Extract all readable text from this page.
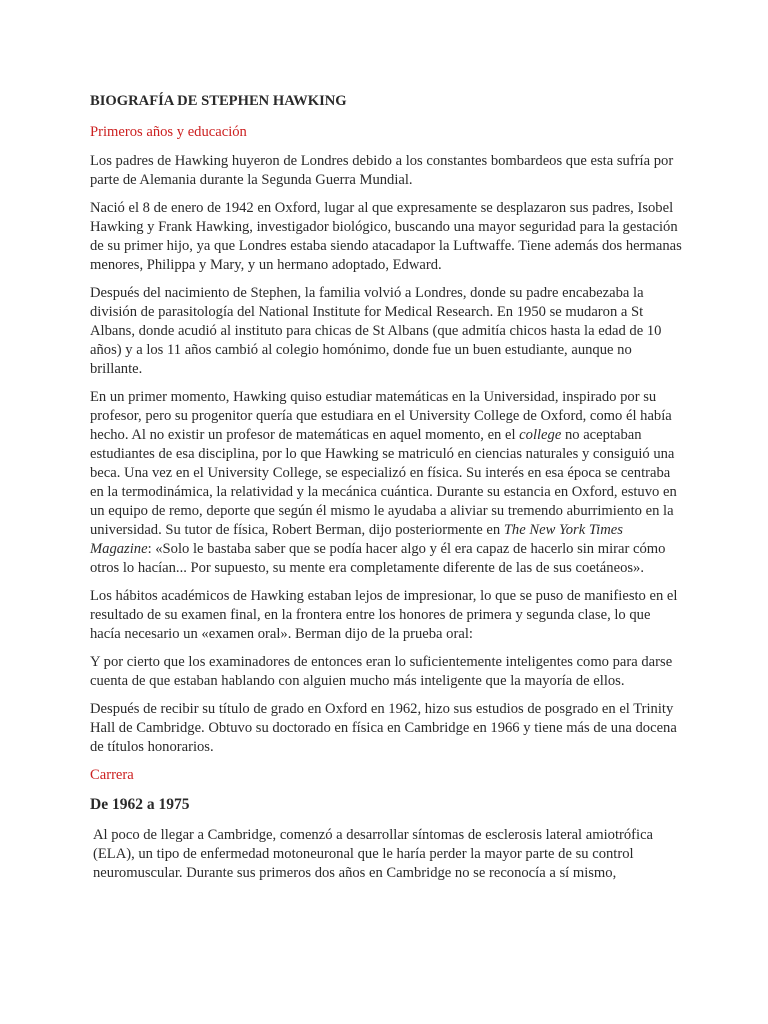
BIOGRAFÍA DE STEPHEN HAWKING
Primeros años y educación

Los padres de Hawking huyeron de Londres debido a los constantes bombardeos que esta sufría por parte de Alemania durante la Segunda Guerra Mundial.

Nació el 8 de enero de 1942 en Oxford, lugar al que expresamente se desplazaron sus padres, Isobel Hawking y Frank Hawking, investigador biológico, buscando una mayor seguridad para la gestación de su primer hijo, ya que Londres estaba siendo atacadapor la Luftwaffe. Tiene además dos hermanas menores, Philippa y Mary, y un hermano adoptado, Edward.

Después del nacimiento de Stephen, la familia volvió a Londres, donde su padre encabezaba la división de parasitología del National Institute for Medical Research. En 1950 se mudaron a St Albans, donde acudió al instituto para chicas de St Albans (que admitía chicos hasta la edad de 10 años) y a los 11 años cambió al colegio homónimo, donde fue un buen estudiante, aunque no brillante.

En un primer momento, Hawking quiso estudiar matemáticas en la Universidad, inspirado por su profesor, pero su progenitor quería que estudiara en el University College de Oxford, como él había hecho. Al no existir un profesor de matemáticas en aquel momento, en el college no aceptaban estudiantes de esa disciplina, por lo que Hawking se matriculó en ciencias naturales y consiguió una beca. Una vez en el University College, se especializó en física. Su interés en esa época se centraba en la termodinámica, la relatividad y la mecánica cuántica. Durante su estancia en Oxford, estuvo en un equipo de remo, deporte que según él mismo le ayudaba a aliviar su tremendo aburrimiento en la universidad. Su tutor de física, Robert Berman, dijo posteriormente en The New York Times Magazine: «Solo le bastaba saber que se podía hacer algo y él era capaz de hacerlo sin mirar cómo otros lo hacían... Por supuesto, su mente era completamente diferente de las de sus coetáneos».

Los hábitos académicos de Hawking estaban lejos de impresionar, lo que se puso de manifiesto en el resultado de su examen final, en la frontera entre los honores de primera y segunda clase, lo que hacía necesario un «examen oral». Berman dijo de la prueba oral:

Y por cierto que los examinadores de entonces eran lo suficientemente inteligentes como para darse cuenta de que estaban hablando con alguien mucho más inteligente que la mayoría de ellos.

Después de recibir su título de grado en Oxford en 1962, hizo sus estudios de posgrado en el Trinity Hall de Cambridge. Obtuvo su doctorado en física en Cambridge en 1966 y tiene más de una docena de títulos honorarios.

Carrera
De 1962 a 1975

Al poco de llegar a Cambridge, comenzó a desarrollar síntomas de esclerosis lateral amiotrófica (ELA), un tipo de enfermedad motoneuronal que le haría perder la mayor parte de su control neuromuscular. Durante sus primeros dos años en Cambridge no se reconocía a sí mismo,
